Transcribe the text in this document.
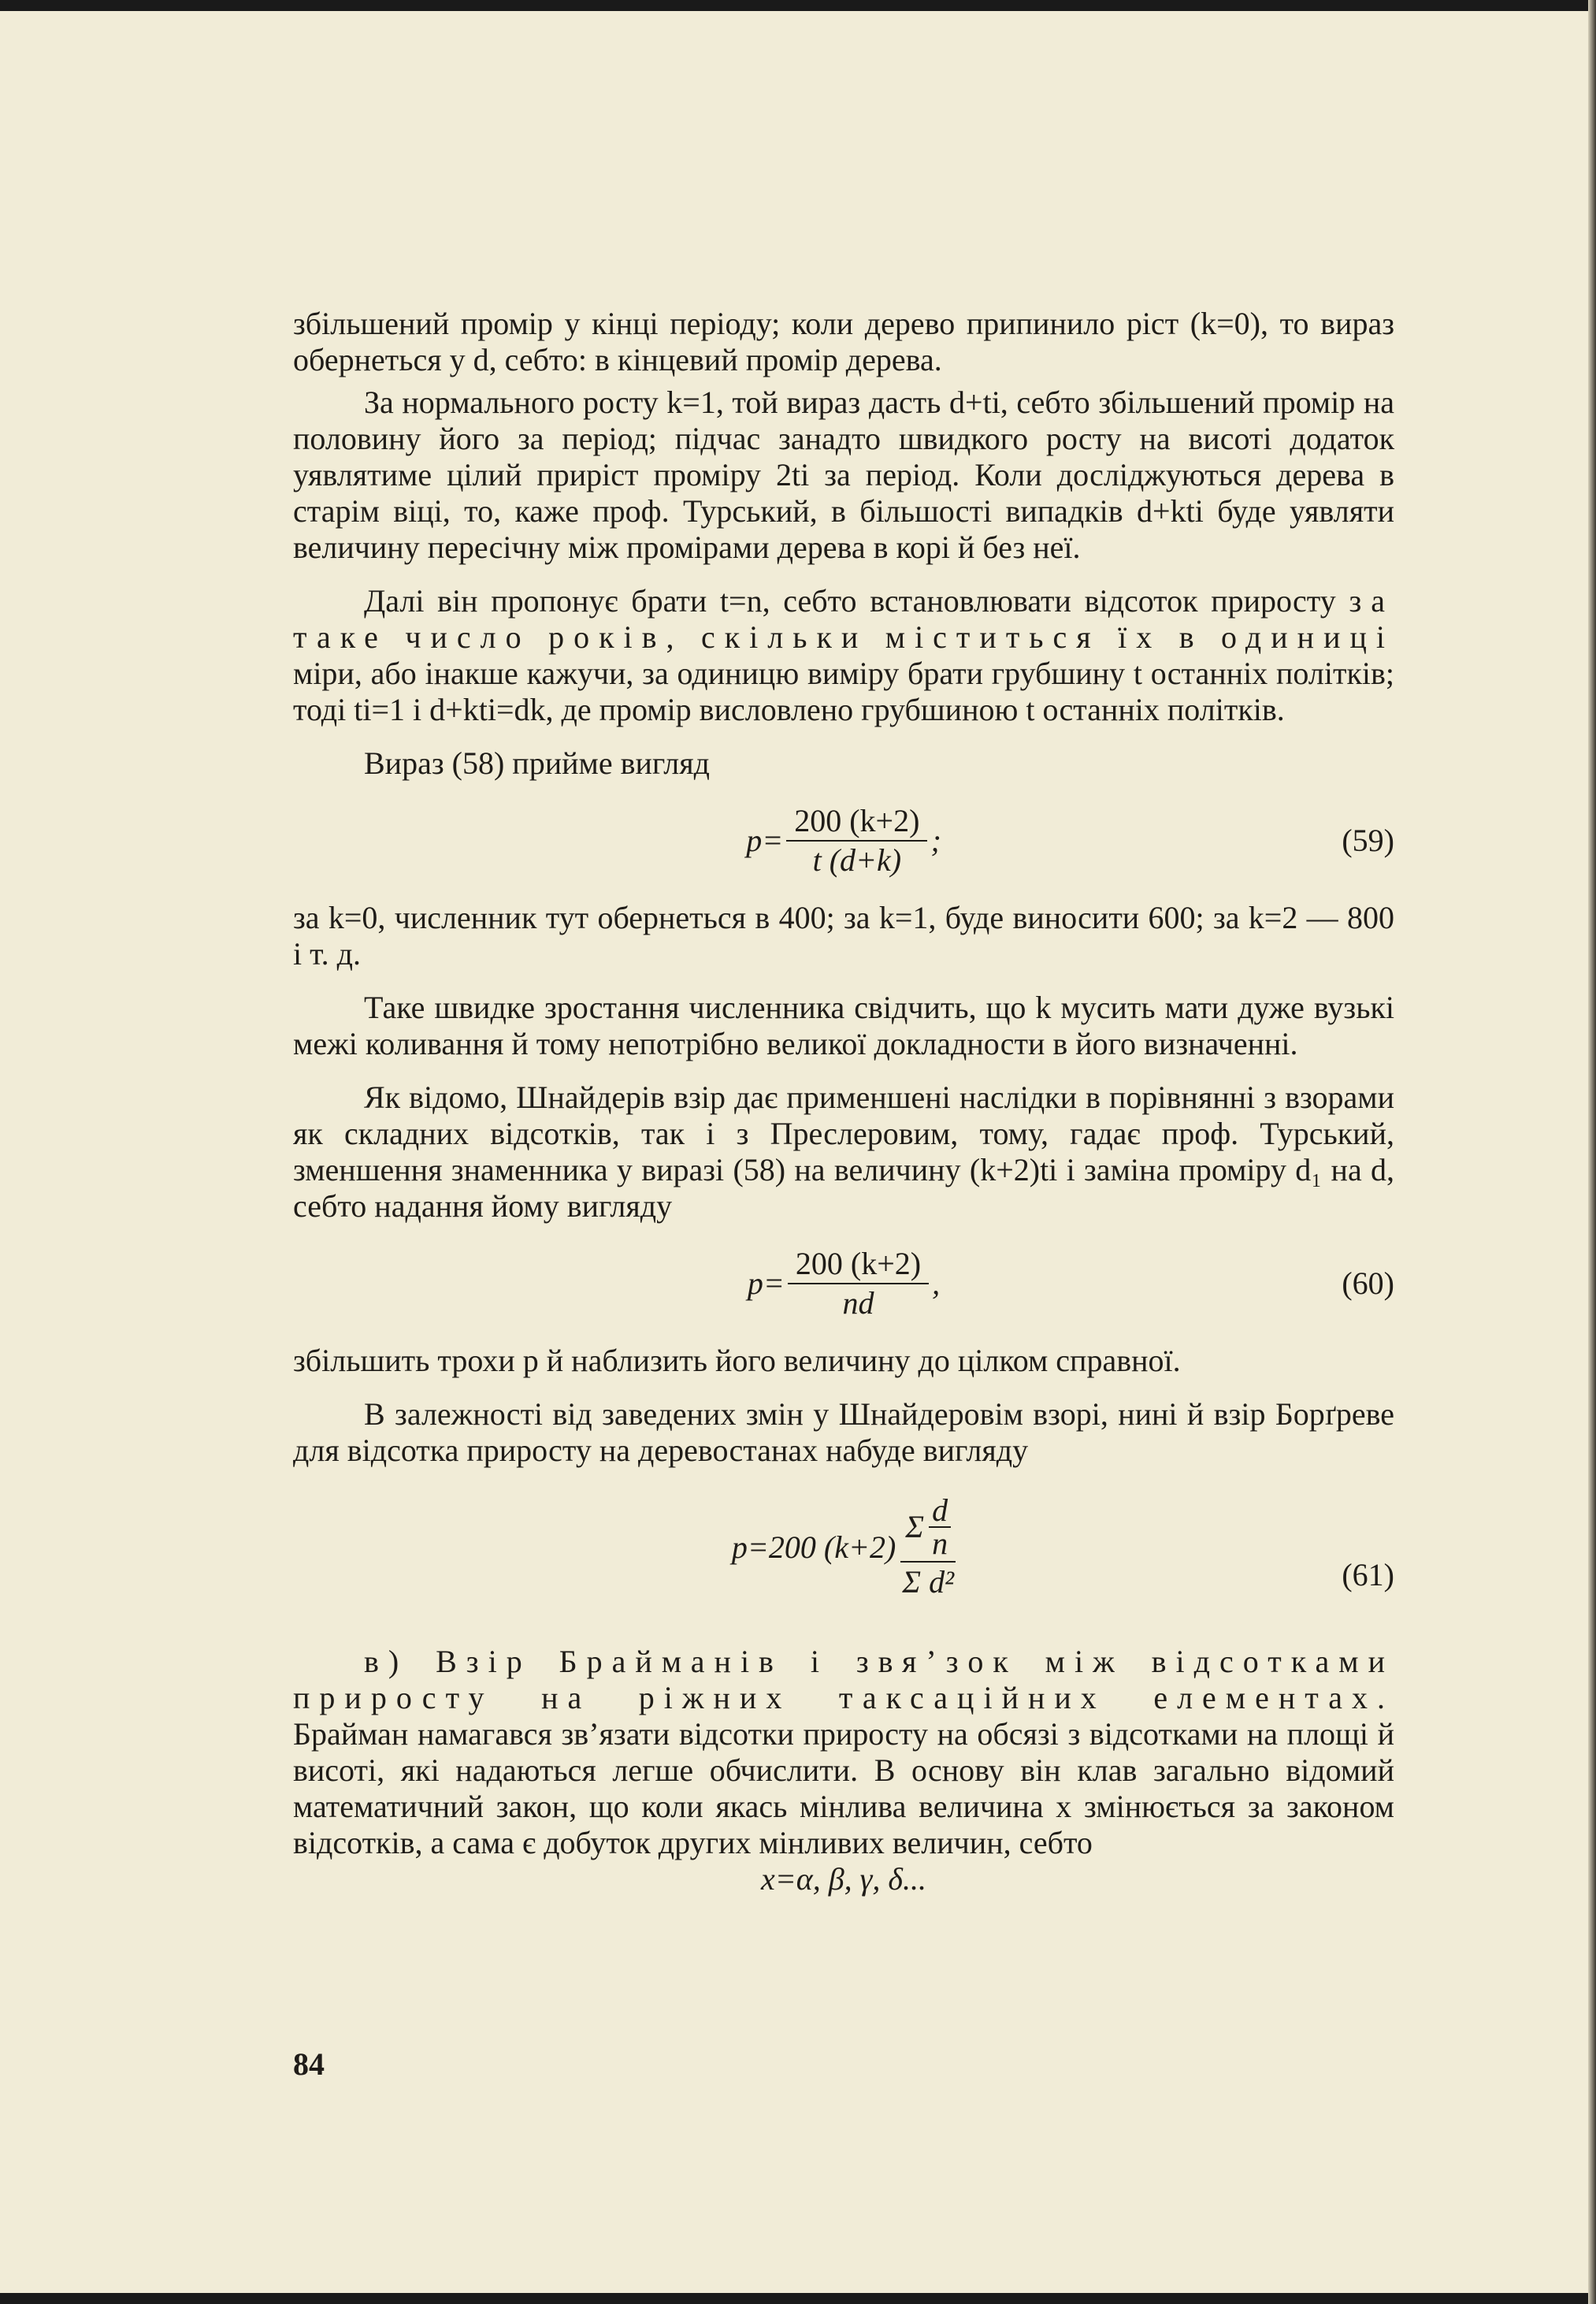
збільшений промір у кінці періоду; коли дерево припинило ріст (k=0), то вираз обернеться у d, себто: в кінцевий промір дерева.

За нормального росту k=1, той вираз дасть d+ti, себто збільшений промір на половину його за період; підчас занадто швидкого росту на висоті додаток уявлятиме цілий приріст проміру 2ti за період. Коли досліджуються дерева в старім віці, то, каже проф. Турський, в більшості випадків d+kti буде уявляти величину пересічну між промірами дерева в корі й без неї.

Далі він пропонує брати t=n, себто встановлювати відсоток приросту за таке число років, скільки міститься їх в одиниці міри, або інакше кажучи, за одиницю виміру брати грубшину t останніх політків; тоді ti=1 і d+kti=dk, де промір висловлено грубшиною t останніх політків.

Вираз (58) прийме вигляд

$p= \frac{200 (k+2)}{t (d+k)}$ ;	(59)

за k=0, численник тут обернеться в 400; за k=1, буде виносити 600; за k=2 — 800 і т. д.

Таке швидке зростання численника свідчить, що k мусить мати дуже вузькі межі коливання й тому непотрібно великої докладности в його визначенні.

Як відомо, Шнайдерів взір дає применшені наслідки в порівнянні з взорами як складних відсотків, так і з Преслеровим, тому, гадає проф. Турський, зменшення знаменника у виразі (58) на величину (k+2)ti і заміна проміру d₁ на d, себто надання йому вигляду

$p= \frac{200 (k+2)}{nd}$ ,	(60)

збільшить трохи p й наблизить його величину до цілком справної.

В залежності від заведених змін у Шнайдеровім взорі, нині й взір Борґреве для відсотка приросту на деревостанах набуде вигляду

p=200 $(k+2) \frac{\Sigma \frac{d}{n}}{\text{Σ d²}}$	(61)

в) Взір Брайманів і звя’зок між відсотками приросту на ріжних таксаційних елементах. Брайман намагався зв’язати відсотки приросту на обсязі з відсотками на площі й висоті, які надаються легше обчислити. В основу він клав загально відомий математичний закон, що коли якась мінлива величина x змінюється за законом відсотків, а сама є добуток других мінливих величин, себто

x=α, β, γ, δ...

84
